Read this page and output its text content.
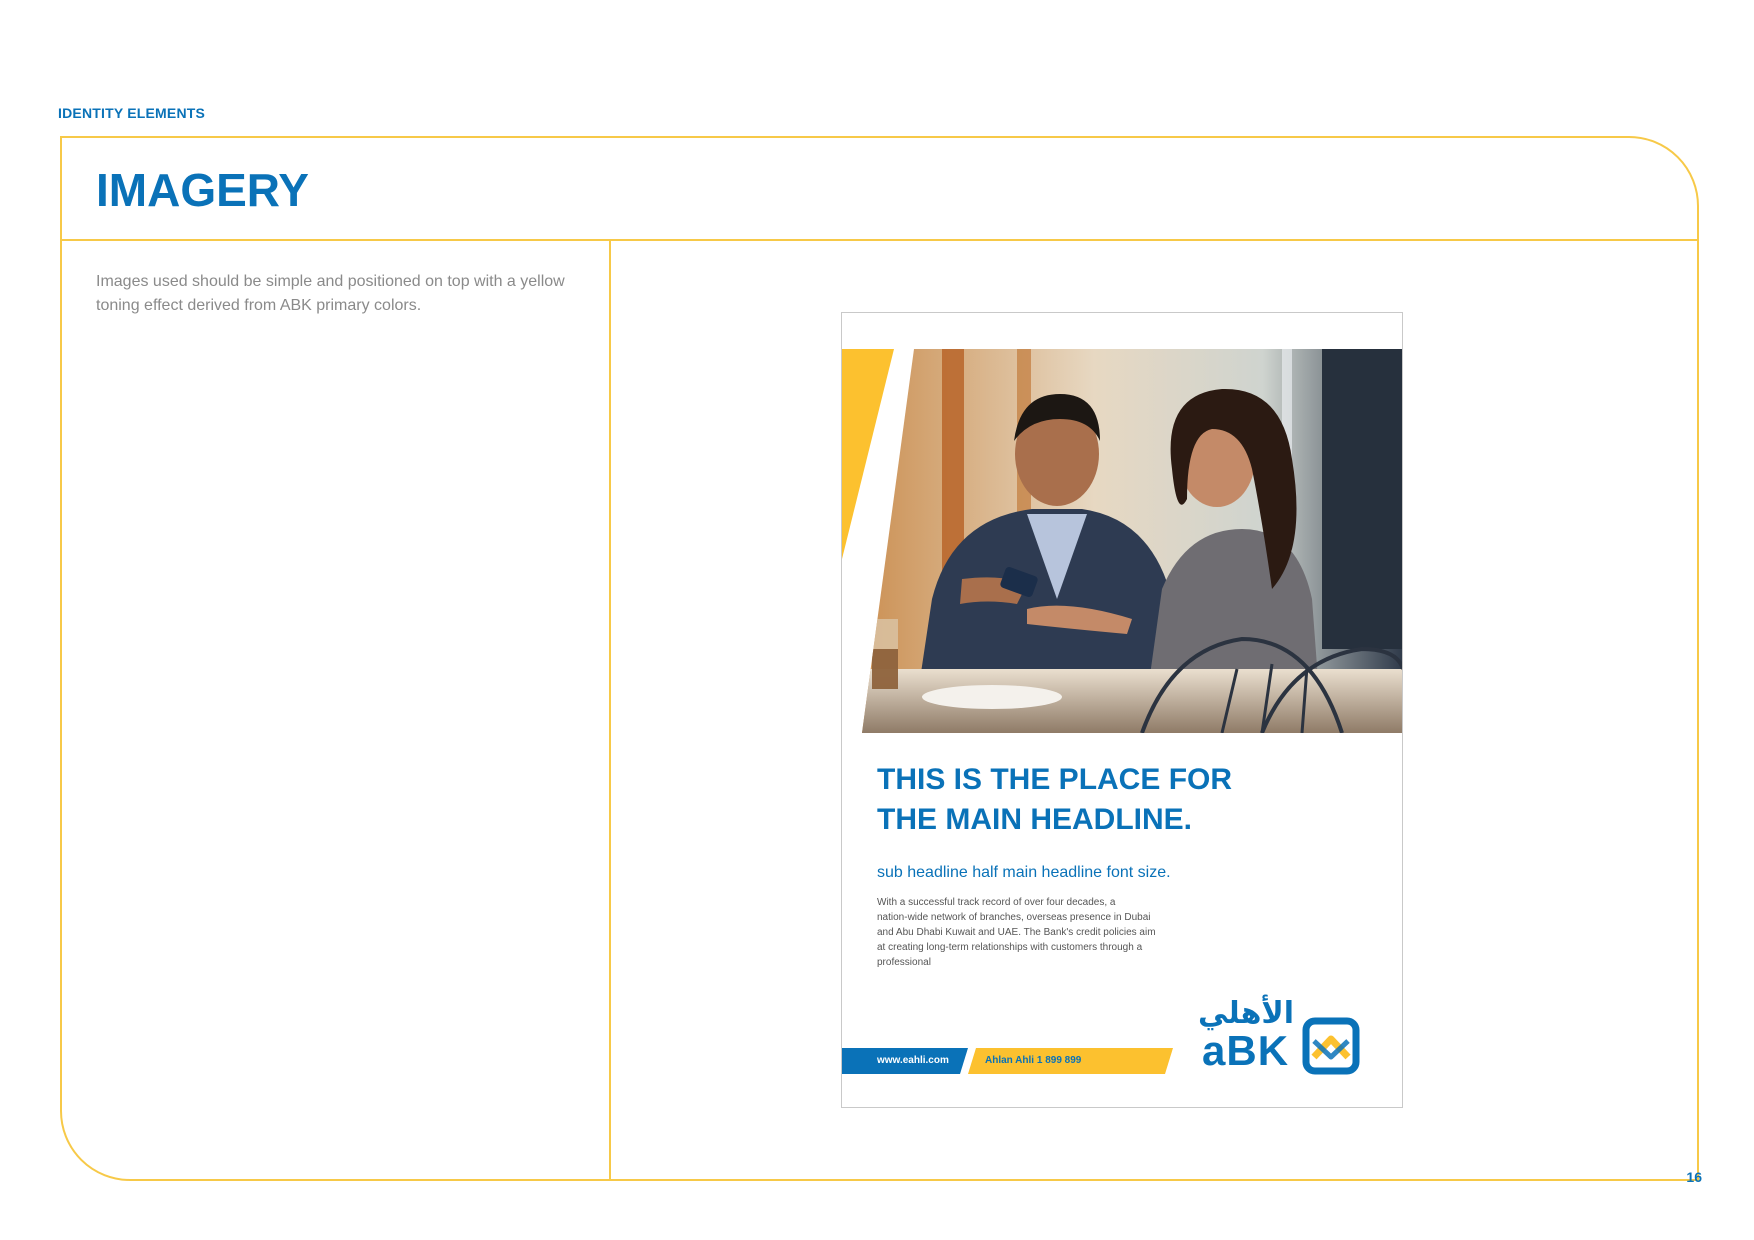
IDENTITY ELEMENTS
IMAGERY
Images used should be simple and positioned on top with a yellow toning effect derived from ABK primary colors.
THIS IS THE PLACE FOR
THE MAIN HEADLINE.
sub headline half main headline font size.
With a successful track record of over four decades, a
nation-wide network of branches, overseas presence in Dubai
and Abu Dhabi Kuwait and UAE. The Bank's credit policies aim
at creating long-term relationships with customers through a
professional
www.eahli.com	Ahlan Ahli 1 899 899
الأهلي
aBK
16
